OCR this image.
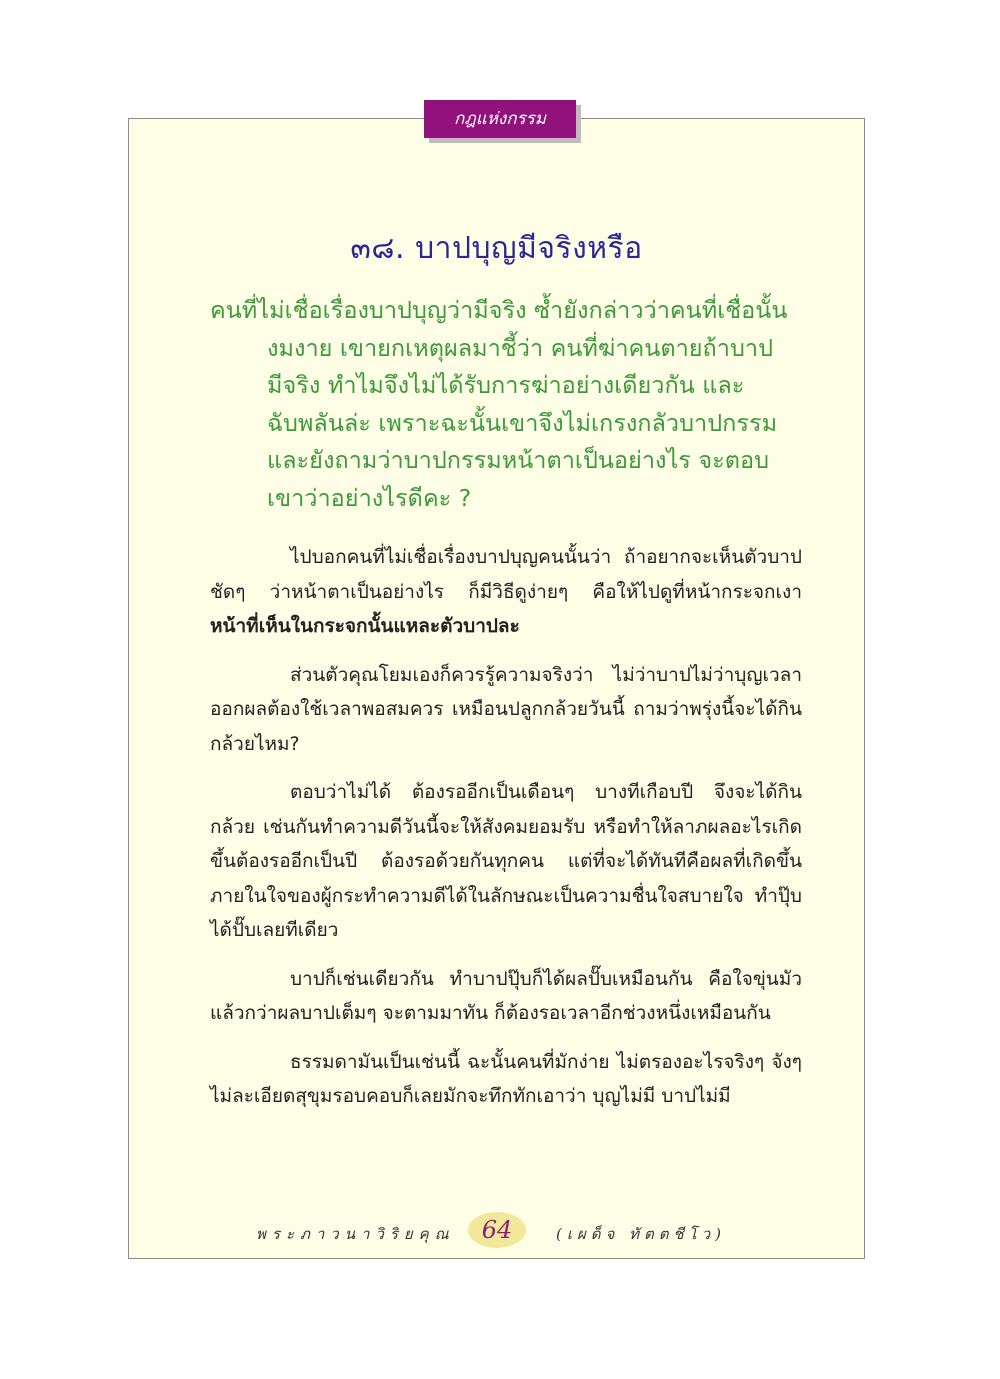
กฎแห่งกรรม
๓๘. บาปบุญมีจริงหรือ

คนที่ไม่เชื่อเรื่องบาปบุญว่ามีจริง ซ้ำยังกล่าวว่าคนที่เชื่อนั้น
งมงาย เขายกเหตุผลมาชี้ว่า คนที่ฆ่าคนตายถ้าบาป
มีจริง ทำไมจึงไม่ได้รับการฆ่าอย่างเดียวกัน และ
ฉับพลันล่ะ เพราะฉะนั้นเขาจึงไม่เกรงกลัวบาปกรรม
และยังถามว่าบาปกรรมหน้าตาเป็นอย่างไร จะตอบ
เขาว่าอย่างไรดีคะ ?

ไปบอกคนที่ไม่เชื่อเรื่องบาปบุญคนนั้นว่า ถ้าอยากจะเห็นตัวบาปชัดๆ ว่าหน้าตาเป็นอย่างไร ก็มีวิธีดูง่ายๆ คือให้ไปดูที่หน้ากระจกเงา หน้าที่เห็นในกระจกนั้นแหละตัวบาปละ

ส่วนตัวคุณโยมเองก็ควรรู้ความจริงว่า ไม่ว่าบาปไม่ว่าบุญเวลาออกผลต้องใช้เวลาพอสมควร เหมือนปลูกกล้วยวันนี้ ถามว่าพรุ่งนี้จะได้กินกล้วยไหม?

ตอบว่าไม่ได้ ต้องรออีกเป็นเดือนๆ บางทีเกือบปี จึงจะได้กินกล้วย เช่นกันทำความดีวันนี้จะให้สังคมยอมรับ หรือทำให้ลาภผลอะไรเกิดขึ้นต้องรออีกเป็นปี ต้องรอด้วยกันทุกคน แต่ที่จะได้ทันทีคือผลที่เกิดขึ้นภายในใจของผู้กระทำความดีได้ในลักษณะเป็นความชื่นใจสบายใจ ทำปุ๊บได้ปั๊บเลยทีเดียว

บาปก็เช่นเดียวกัน ทำบาปปุ๊บก็ได้ผลปั๊บเหมือนกัน คือใจขุ่นมัวแล้วกว่าผลบาปเต็มๆ จะตามมาทัน ก็ต้องรอเวลาอีกช่วงหนึ่งเหมือนกัน

ธรรมดามันเป็นเช่นนี้ ฉะนั้นคนที่มักง่าย ไม่ตรองอะไรจริงๆ จังๆ ไม่ละเอียดสุขุมรอบคอบก็เลยมักจะทึกทักเอาว่า บุญไม่มี บาปไม่มี

พระภาวนาวิริยคุณ	64	(เผด็จ ทัตตชีโว)
